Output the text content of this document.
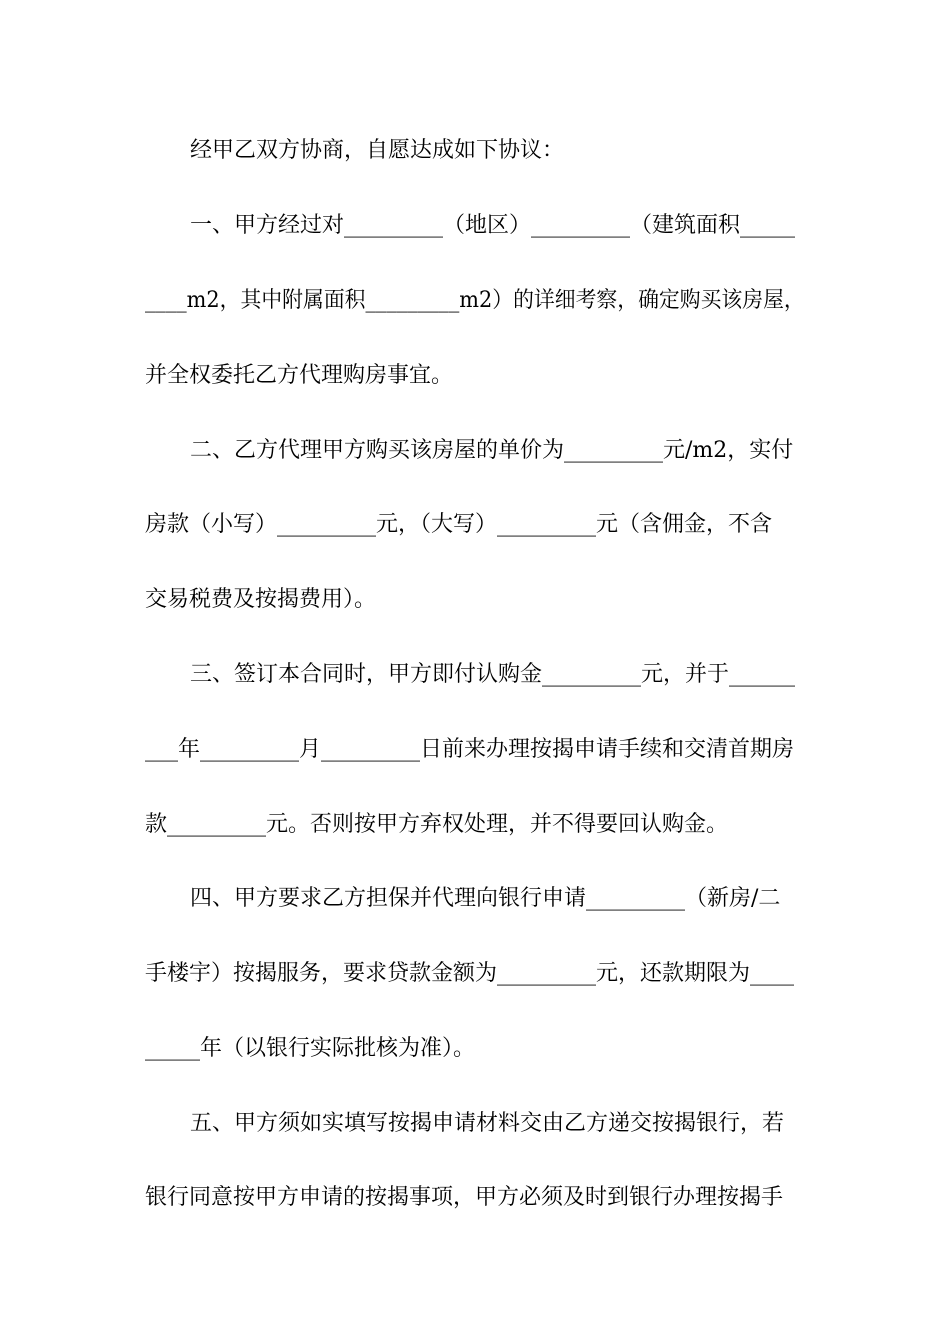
经甲乙双方协商，自愿达成如下协议：
一、甲方经过对_________（地区）_________（建筑面积_____
____m2，其中附属面积_________m2）的详细考察，确定购买该房屋，
并全权委托乙方代理购房事宜。
二、乙方代理甲方购买该房屋的单价为_________元/m2，实付
房款（小写）_________元，（大写）_________元（含佣金，不含
交易税费及按揭费用）。
三、签订本合同时，甲方即付认购金_________元，并于______
___年_________月_________日前来办理按揭申请手续和交清首期房
款_________元。否则按甲方弃权处理，并不得要回认购金。
四、甲方要求乙方担保并代理向银行申请_________（新房/二
手楼宇）按揭服务，要求贷款金额为_________元，还款期限为____
_____年（以银行实际批核为准）。
五、甲方须如实填写按揭申请材料交由乙方递交按揭银行，若
银行同意按甲方申请的按揭事项，甲方必须及时到银行办理按揭手
